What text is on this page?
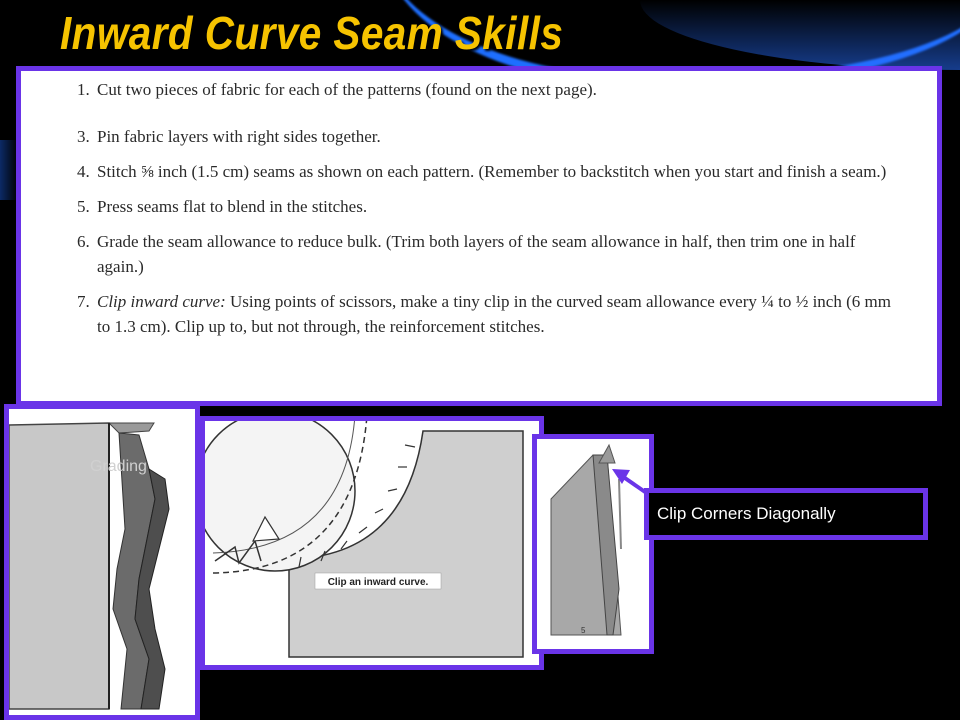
Inward Curve Seam Skills
1. Cut two pieces of fabric for each of the patterns (found on the next page).
3. Pin fabric layers with right sides together.
4. Stitch ⅝ inch (1.5 cm) seams as shown on each pattern. (Remember to backstitch when you start and finish a seam.)
5. Press seams flat to blend in the stitches.
6. Grade the seam allowance to reduce bulk. (Trim both layers of the seam allowance in half, then trim one in half again.)
7. Clip inward curve: Using points of scissors, make a tiny clip in the curved seam allowance every ¼ to ½ inch (6 mm to 1.3 cm). Clip up to, but not through, the reinforcement stitches.
Grading
Clip an inward curve.
5
Clip Corners Diagonally
